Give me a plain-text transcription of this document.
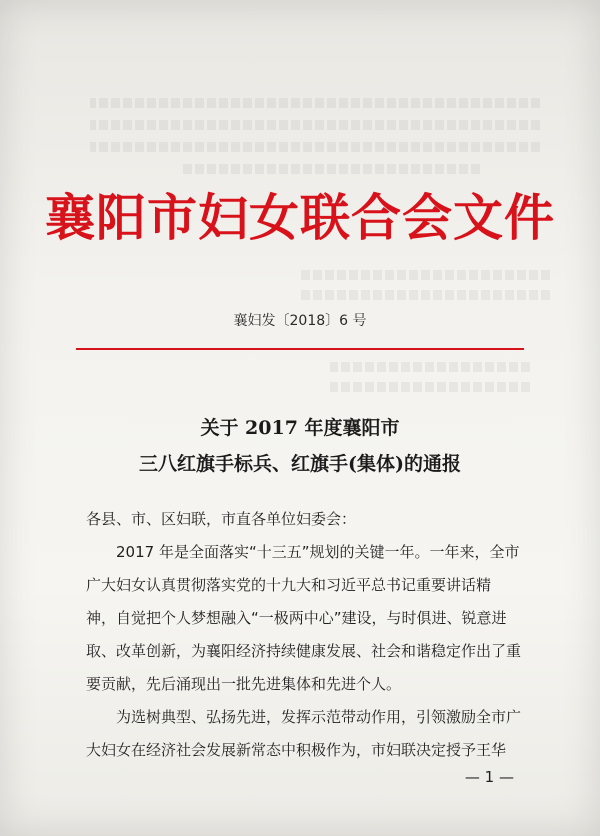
襄阳市妇女联合会文件
襄妇发〔2018〕6 号
关于 2017 年度襄阳市
三八红旗手标兵、红旗手(集体)的通报
各县、市、区妇联，市直各单位妇委会：
2017 年是全面落实“十三五”规划的关键一年。一年来，全市
广大妇女认真贯彻落实党的十九大和习近平总书记重要讲话精
神，自觉把个人梦想融入“一极两中心”建设，与时俱进、锐意进
取、改革创新，为襄阳经济持续健康发展、社会和谐稳定作出了重
要贡献，先后涌现出一批先进集体和先进个人。
为选树典型、弘扬先进，发挥示范带动作用，引领激励全市广
大妇女在经济社会发展新常态中积极作为，市妇联决定授予王华
— 1 —
